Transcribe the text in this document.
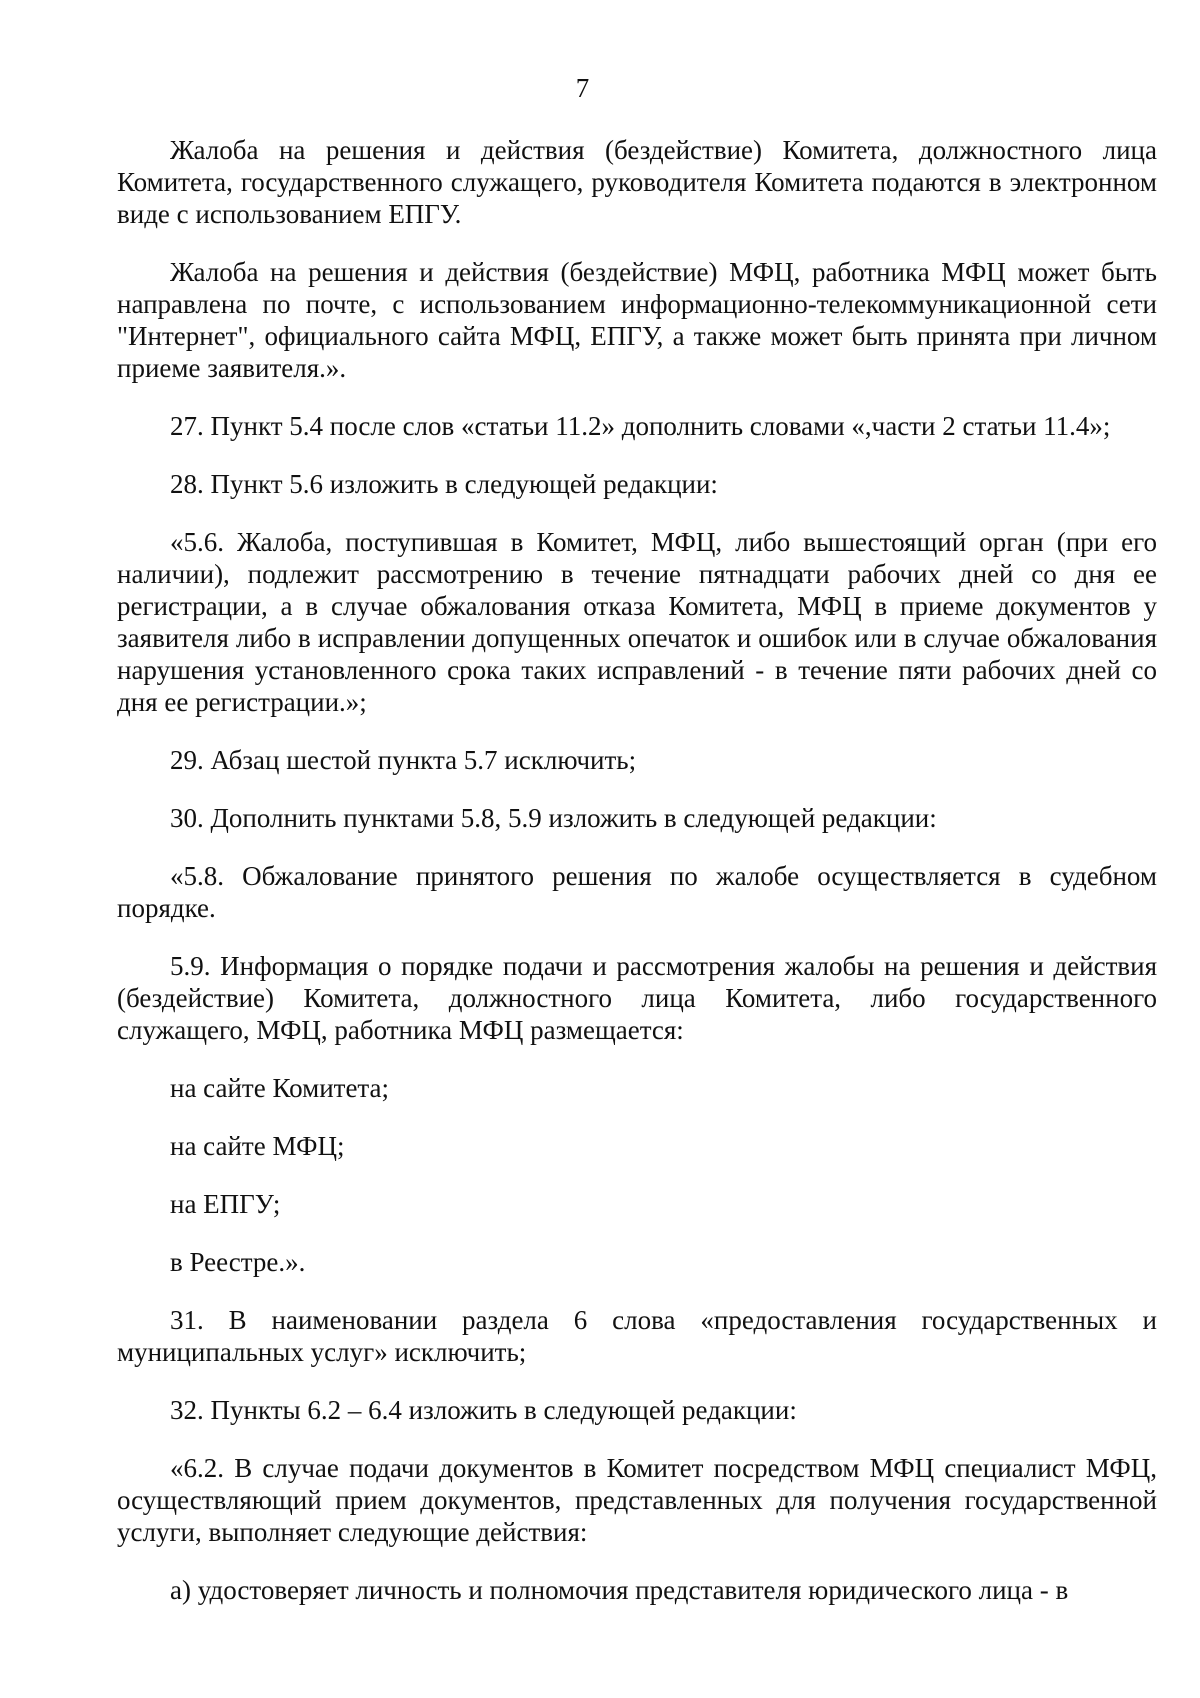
7

Жалоба на решения и действия (бездействие) Комитета, должностного лица Комитета, государственного служащего, руководителя Комитета подаются в электронном виде с использованием ЕПГУ.

Жалоба на решения и действия (бездействие) МФЦ, работника МФЦ может быть направлена по почте, с использованием информационно-телекоммуникационной сети "Интернет", официального сайта МФЦ, ЕПГУ, а также может быть принята при личном приеме заявителя.».

27. Пункт 5.4 после слов «статьи 11.2» дополнить словами «,части 2 статьи 11.4»;

28. Пункт 5.6 изложить в следующей редакции:

«5.6. Жалоба, поступившая в Комитет, МФЦ, либо вышестоящий орган (при его наличии), подлежит рассмотрению в течение пятнадцати рабочих дней со дня ее регистрации, а в случае обжалования отказа Комитета, МФЦ в приеме документов у заявителя либо в исправлении допущенных опечаток и ошибок или в случае обжалования нарушения установленного срока таких исправлений - в течение пяти рабочих дней со дня ее регистрации.»;

29. Абзац шестой пункта 5.7 исключить;

30. Дополнить пунктами 5.8, 5.9 изложить в следующей редакции:

«5.8. Обжалование принятого решения по жалобе осуществляется в судебном порядке.

5.9. Информация о порядке подачи и рассмотрения жалобы на решения и действия (бездействие) Комитета, должностного лица Комитета, либо государственного служащего, МФЦ, работника МФЦ размещается:

на сайте Комитета;

на сайте МФЦ;

на ЕПГУ;

в Реестре.».

31. В наименовании раздела 6 слова «предоставления государственных и муниципальных услуг» исключить;

32. Пункты 6.2 – 6.4 изложить в следующей редакции:

«6.2. В случае подачи документов в Комитет посредством МФЦ специалист МФЦ, осуществляющий прием документов, представленных для получения государственной услуги, выполняет следующие действия:

а) удостоверяет личность и полномочия представителя юридического лица - в
